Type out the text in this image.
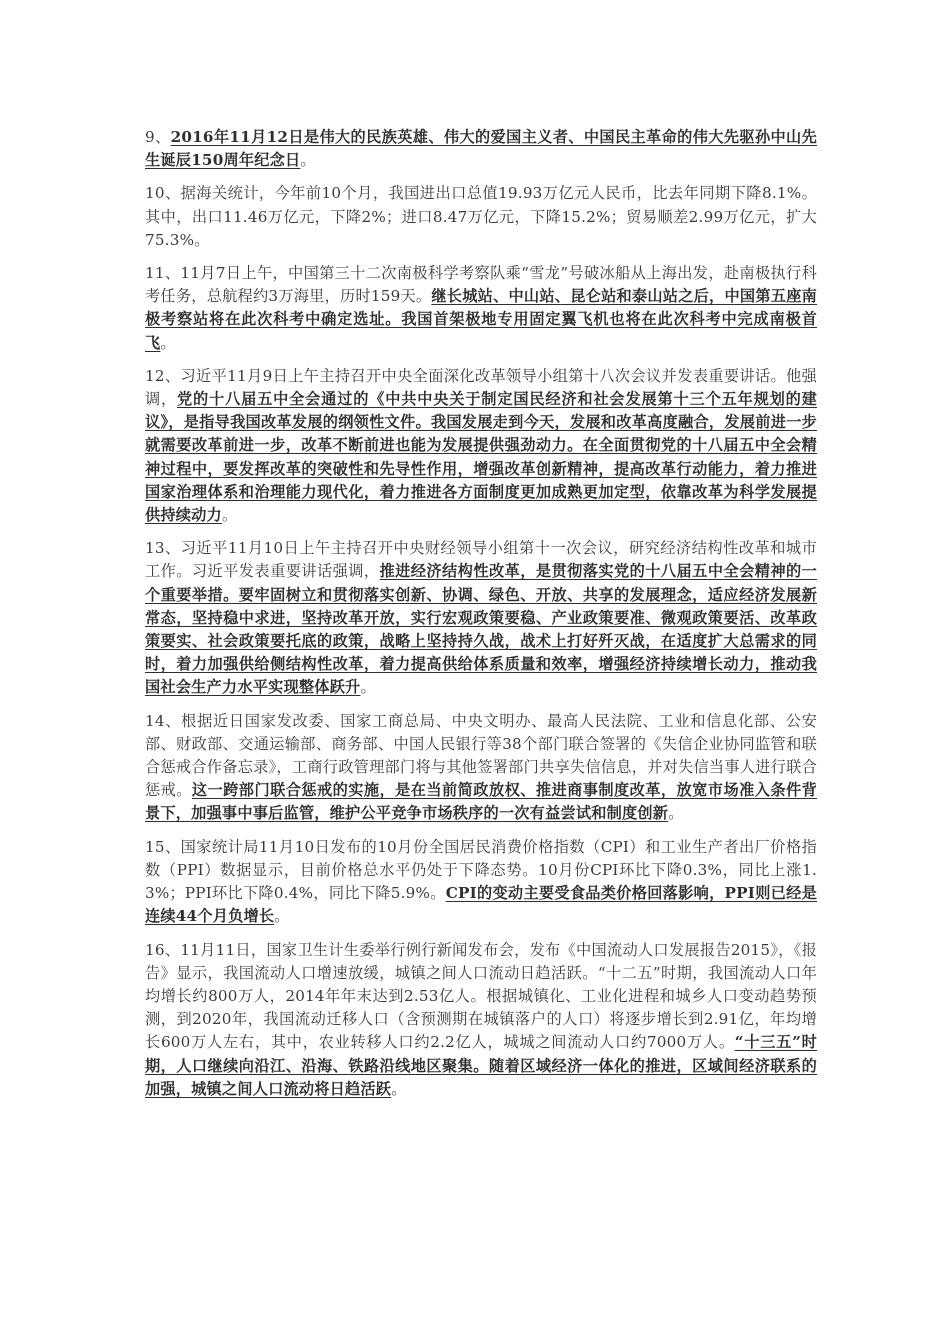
9、2016年11月12日是伟大的民族英雄、伟大的爱国主义者、中国民主革命的伟大先驱孙中山先生诞辰150周年纪念日。

10、据海关统计，今年前10个月，我国进出口总值19.93万亿元人民币，比去年同期下降8.1%。其中，出口11.46万亿元，下降2%；进口8.47万亿元，下降15.2%；贸易顺差2.99万亿元，扩大75.3%。

11、11月7日上午，中国第三十二次南极科学考察队乘“雪龙”号破冰船从上海出发，赴南极执行科考任务，总航程约3万海里，历时159天。继长城站、中山站、昆仑站和泰山站之后，中国第五座南极考察站将在此次科考中确定选址。我国首架极地专用固定翼飞机也将在此次科考中完成南极首飞。

12、习近平11月9日上午主持召开中央全面深化改革领导小组第十八次会议并发表重要讲话。他强调，党的十八届五中全会通过的《中共中央关于制定国民经济和社会发展第十三个五年规划的建议》，是指导我国改革发展的纲领性文件。我国发展走到今天，发展和改革高度融合，发展前进一步就需要改革前进一步，改革不断前进也能为发展提供强劲动力。在全面贯彻党的十八届五中全会精神过程中，要发挥改革的突破性和先导性作用，增强改革创新精神，提高改革行动能力，着力推进国家治理体系和治理能力现代化，着力推进各方面制度更加成熟更加定型，依靠改革为科学发展提供持续动力。

13、习近平11月10日上午主持召开中央财经领导小组第十一次会议，研究经济结构性改革和城市工作。习近平发表重要讲话强调，推进经济结构性改革，是贯彻落实党的十八届五中全会精神的一个重要举措。要牢固树立和贯彻落实创新、协调、绿色、开放、共享的发展理念，适应经济发展新常态，坚持稳中求进，坚持改革开放，实行宏观政策要稳、产业政策要准、微观政策要活、改革政策要实、社会政策要托底的政策，战略上坚持持久战，战术上打好歼灭战，在适度扩大总需求的同时，着力加强供给侧结构性改革，着力提高供给体系质量和效率，增强经济持续增长动力，推动我国社会生产力水平实现整体跃升。

14、根据近日国家发改委、国家工商总局、中央文明办、最高人民法院、工业和信息化部、公安部、财政部、交通运输部、商务部、中国人民银行等38个部门联合签署的《失信企业协同监管和联合惩戒合作备忘录》，工商行政管理部门将与其他签署部门共享失信信息，并对失信当事人进行联合惩戒。这一跨部门联合惩戒的实施，是在当前简政放权、推进商事制度改革，放宽市场准入条件背景下，加强事中事后监管，维护公平竞争市场秩序的一次有益尝试和制度创新。

15、国家统计局11月10日发布的10月份全国居民消费价格指数（CPI）和工业生产者出厂价格指数（PPI）数据显示，目前价格总水平仍处于下降态势。10月份CPI环比下降0.3%，同比上涨1.3%；PPI环比下降0.4%，同比下降5.9%。CPI的变动主要受食品类价格回落影响，PPI则已经是连续44个月负增长。

16、11月11日，国家卫生计生委举行例行新闻发布会，发布《中国流动人口发展报告2015》，《报告》显示，我国流动人口增速放缓，城镇之间人口流动日趋活跃。“十二五”时期，我国流动人口年均增长约800万人，2014年年末达到2.53亿人。根据城镇化、工业化进程和城乡人口变动趋势预测，到2020年，我国流动迁移人口（含预测期在城镇落户的人口）将逐步增长到2.91亿，年均增长600万人左右，其中，农业转移人口约2.2亿人，城城之间流动人口约7000万人。“十三五”时期，人口继续向沿江、沿海、铁路沿线地区聚集。随着区域经济一体化的推进，区域间经济联系的加强，城镇之间人口流动将日趋活跃。
